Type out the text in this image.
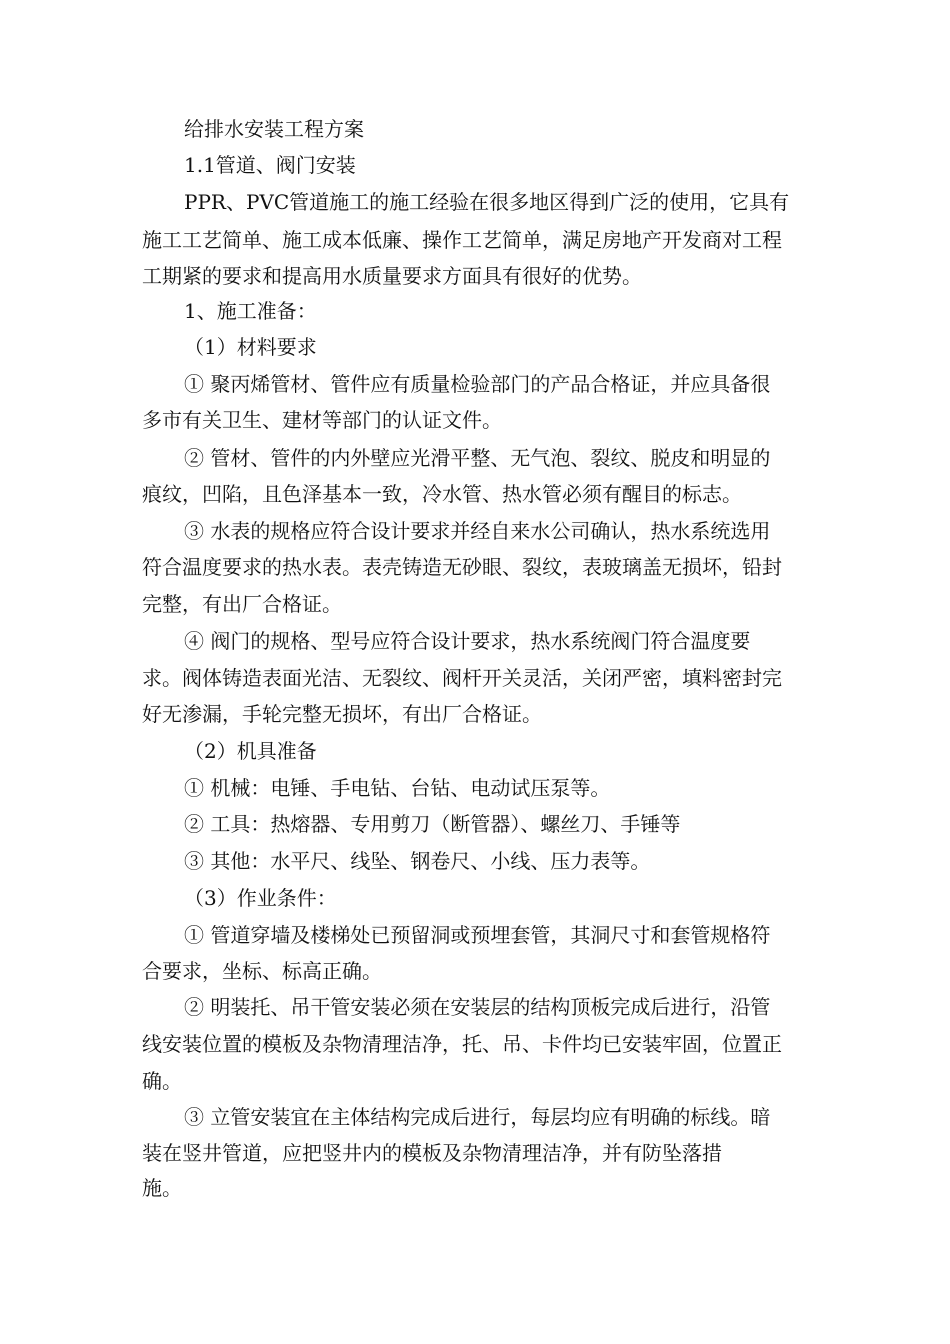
给排水安装工程方案
1.1管道、阀门安装
PPR、PVC管道施工的施工经验在很多地区得到广泛的使用，它具有
施工工艺简单、施工成本低廉、操作工艺简单，满足房地产开发商对工程
工期紧的要求和提高用水质量要求方面具有很好的优势。
1、施工准备：
（1）材料要求
① 聚丙烯管材、管件应有质量检验部门的产品合格证，并应具备很
多市有关卫生、建材等部门的认证文件。
② 管材、管件的内外壁应光滑平整、无气泡、裂纹、脱皮和明显的
痕纹，凹陷，且色泽基本一致，冷水管、热水管必须有醒目的标志。
③ 水表的规格应符合设计要求并经自来水公司确认，热水系统选用
符合温度要求的热水表。表壳铸造无砂眼、裂纹，表玻璃盖无损坏，铅封
完整，有出厂合格证。
④ 阀门的规格、型号应符合设计要求，热水系统阀门符合温度要
求。阀体铸造表面光洁、无裂纹、阀杆开关灵活，关闭严密，填料密封完
好无渗漏，手轮完整无损坏，有出厂合格证。
（2）机具准备
① 机械：电锤、手电钻、台钻、电动试压泵等。
② 工具：热熔器、专用剪刀（断管器）、螺丝刀、手锤等
③ 其他：水平尺、线坠、钢卷尺、小线、压力表等。
（3）作业条件：
① 管道穿墙及楼梯处已预留洞或预埋套管，其洞尺寸和套管规格符
合要求，坐标、标高正确。
② 明装托、吊干管安装必须在安装层的结构顶板完成后进行，沿管
线安装位置的模板及杂物清理洁净，托、吊、卡件均已安装牢固，位置正
确。
③ 立管安装宜在主体结构完成后进行，每层均应有明确的标线。暗
装在竖井管道，应把竖井内的模板及杂物清理洁净，并有防坠落措
施。
